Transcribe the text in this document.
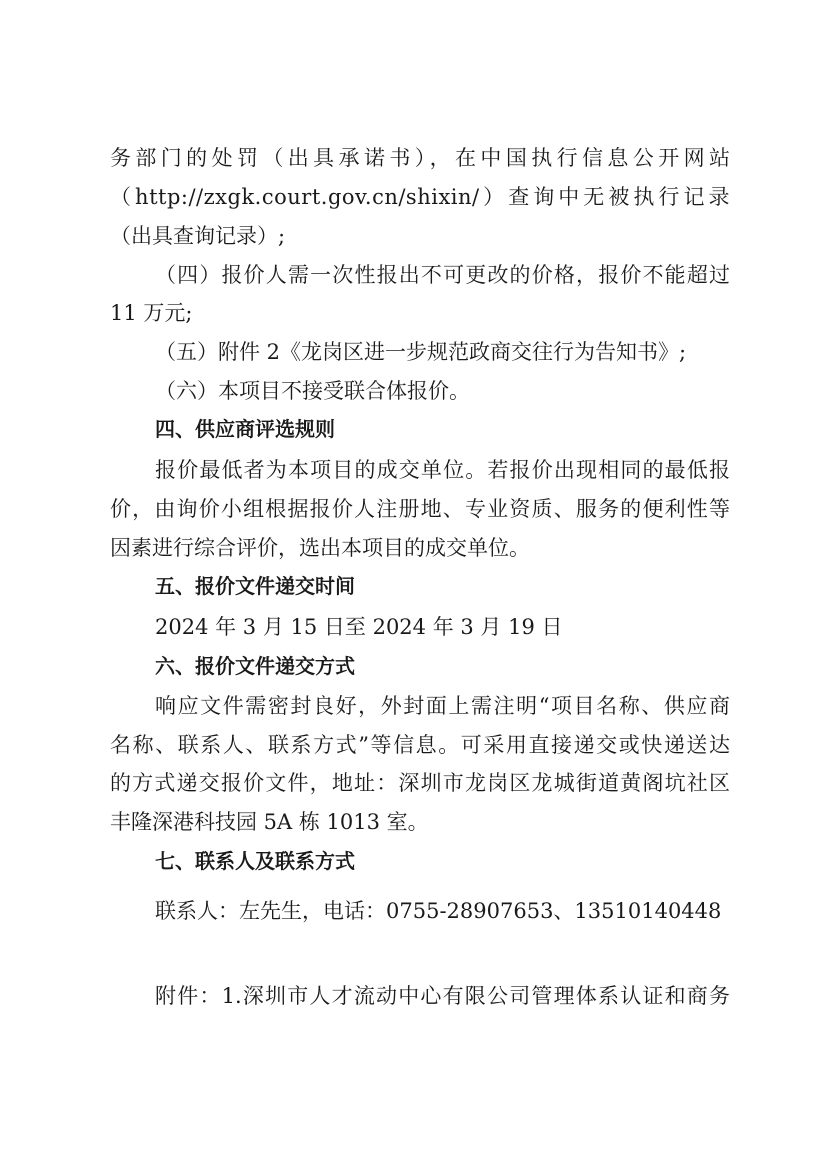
务部门的处罚（出具承诺书），在中国执行信息公开网站
（http://zxgk.court.gov.cn/shixin/）查询中无被执行记录
（出具查询记录）;
（四）报价人需一次性报出不可更改的价格，报价不能超过
11 万元;
（五）附件 2《龙岗区进一步规范政商交往行为告知书》;
（六）本项目不接受联合体报价。
四、供应商评选规则
报价最低者为本项目的成交单位。若报价出现相同的最低报
价，由询价小组根据报价人注册地、专业资质、服务的便利性等
因素进行综合评价，选出本项目的成交单位。
五、报价文件递交时间
2024 年 3 月 15 日至 2024 年 3 月 19 日
六、报价文件递交方式
响应文件需密封良好，外封面上需注明“项目名称、供应商
名称、联系人、联系方式”等信息。可采用直接递交或快递送达
的方式递交报价文件，地址：深圳市龙岗区龙城街道黄阁坑社区
丰隆深港科技园 5A 栋 1013 室。
七、联系人及联系方式
联系人：左先生，电话：0755-28907653、13510140448
附件：1.深圳市人才流动中心有限公司管理体系认证和商务
